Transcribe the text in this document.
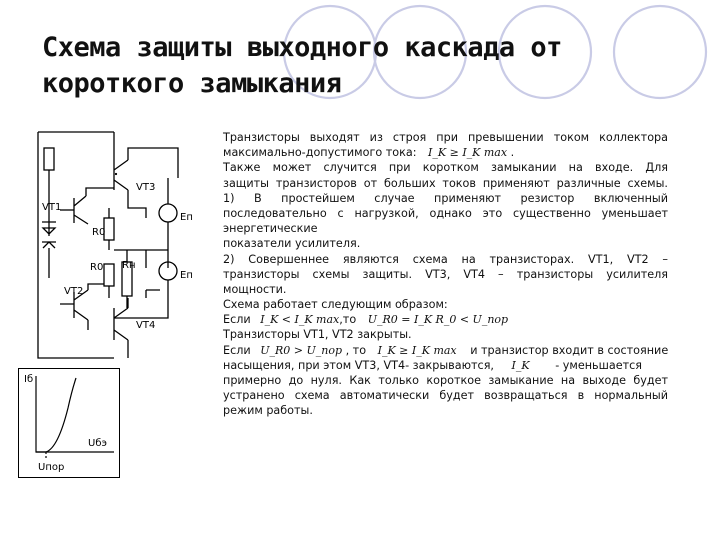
Схема защиты выходного каскада от
короткого замыкания
VT3
VT1
R0
R0 Rн
Eп
Eп
VT2
VT4
Iб
Uбэ
Uпор
Транзисторы выходят из строя при превышении током коллектора
максимально-допустимого тока: I_K ≥ I_K max .
Также может случится при коротком замыкании на входе. Для
защиты транзисторов от больших токов применяют различные схемы.
1) В простейшем случае применяют резистор включенный
последовательно с нагрузкой, однако это существенно уменьшает
энергетические
показатели усилителя.
2) Совершеннее являются схема на транзисторах. VT1, VT2 –
транзисторы схемы защиты. VT3, VT4 – транзисторы усилителя
мощности.
Схема работает следующим образом:
Если I_K < I_K max,то U_R0 = I_K R_0 < U_пор
Транзисторы VT1, VT2 закрыты.
Если U_R0 > U_пор , то I_K ≥ I_K max и транзистор входит в состояние
насыщения, при этом VT3, VT4- закрываются, I_K - уменьшается
примерно до нуля. Как только короткое замыкание на выходе будет
устранено схема автоматически будет возвращаться в нормальный
режим работы.
